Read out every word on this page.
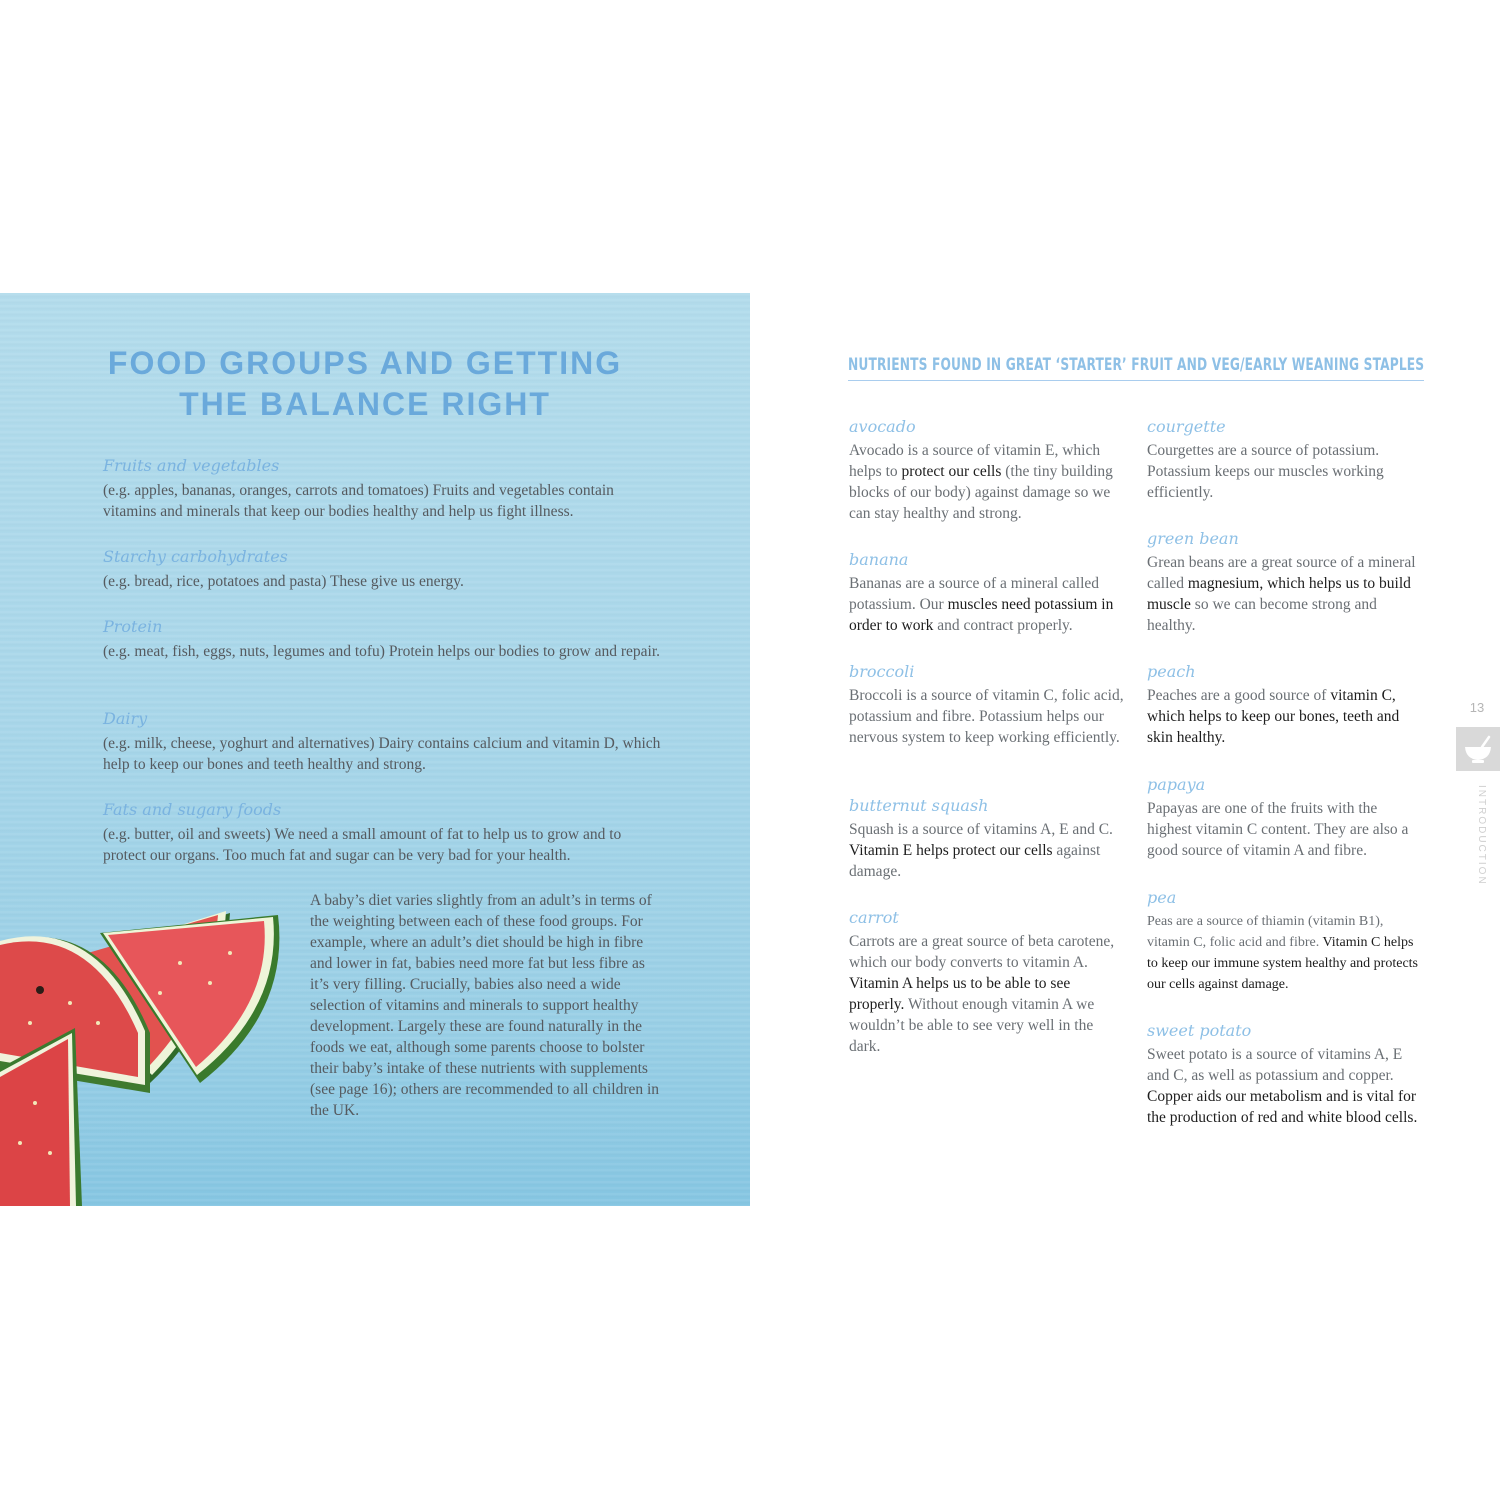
FOOD GROUPS AND GETTING
THE BALANCE RIGHT

Fruits and vegetables

(e.g. apples, bananas, oranges, carrots and tomatoes) Fruits and vegetables contain vitamins and minerals that keep our bodies healthy and help us fight illness.

Starchy carbohydrates

(e.g. bread, rice, potatoes and pasta) These give us energy.

Protein

(e.g. meat, fish, eggs, nuts, legumes and tofu) Protein helps our bodies to grow and repair.

Dairy

(e.g. milk, cheese, yoghurt and alternatives) Dairy contains calcium and vitamin D, which help to keep our bones and teeth healthy and strong.

Fats and sugary foods

(e.g. butter, oil and sweets) We need a small amount of fat to help us to grow and to protect our organs. Too much fat and sugar can be very bad for your health.

A baby’s diet varies slightly from an adult’s in terms of the weighting between each of these food groups. For example, where an adult’s diet should be high in fibre and lower in fat, babies need more fat but less fibre as it’s very filling. Crucially, babies also need a wide selection of vitamins and minerals to support healthy development. Largely these are found naturally in the foods we eat, although some parents choose to bolster their baby’s intake of these nutrients with supplements (see page 16); others are recommended to all children in the UK.

NUTRIENTS FOUND IN GREAT ‘STARTER’ FRUIT AND VEG/EARLY WEANING STAPLES

avocado

Avocado is a source of vitamin E, which helps to protect our cells (the tiny building blocks of our body) against damage so we can stay healthy and strong.

banana

Bananas are a source of a mineral called potassium. Our muscles need potassium in order to work and contract properly.

broccoli

Broccoli is a source of vitamin C, folic acid, potassium and fibre. Potassium helps our nervous system to keep working efficiently.

butternut squash

Squash is a source of vitamins A, E and C. Vitamin E helps protect our cells against damage.

carrot

Carrots are a great source of beta carotene, which our body converts to vitamin A. Vitamin A helps us to be able to see properly. Without enough vitamin A we wouldn’t be able to see very well in the dark.

courgette

Courgettes are a source of potassium. Potassium keeps our muscles working efficiently.

green bean

Grean beans are a great source of a mineral called magnesium, which helps us to build muscle so we can become strong and healthy.

peach

Peaches are a good source of vitamin C, which helps to keep our bones, teeth and skin healthy.

papaya

Papayas are one of the fruits with the highest vitamin C content. They are also a good source of vitamin A and fibre.

pea

Peas are a source of thiamin (vitamin B1), vitamin C, folic acid and fibre. Vitamin C helps to keep our immune system healthy and protects our cells against damage.

sweet potato

Sweet potato is a source of vitamins A, E and C, as well as potassium and copper. Copper aids our metabolism and is vital for the production of red and white blood cells.

13
INTRODUCTION
